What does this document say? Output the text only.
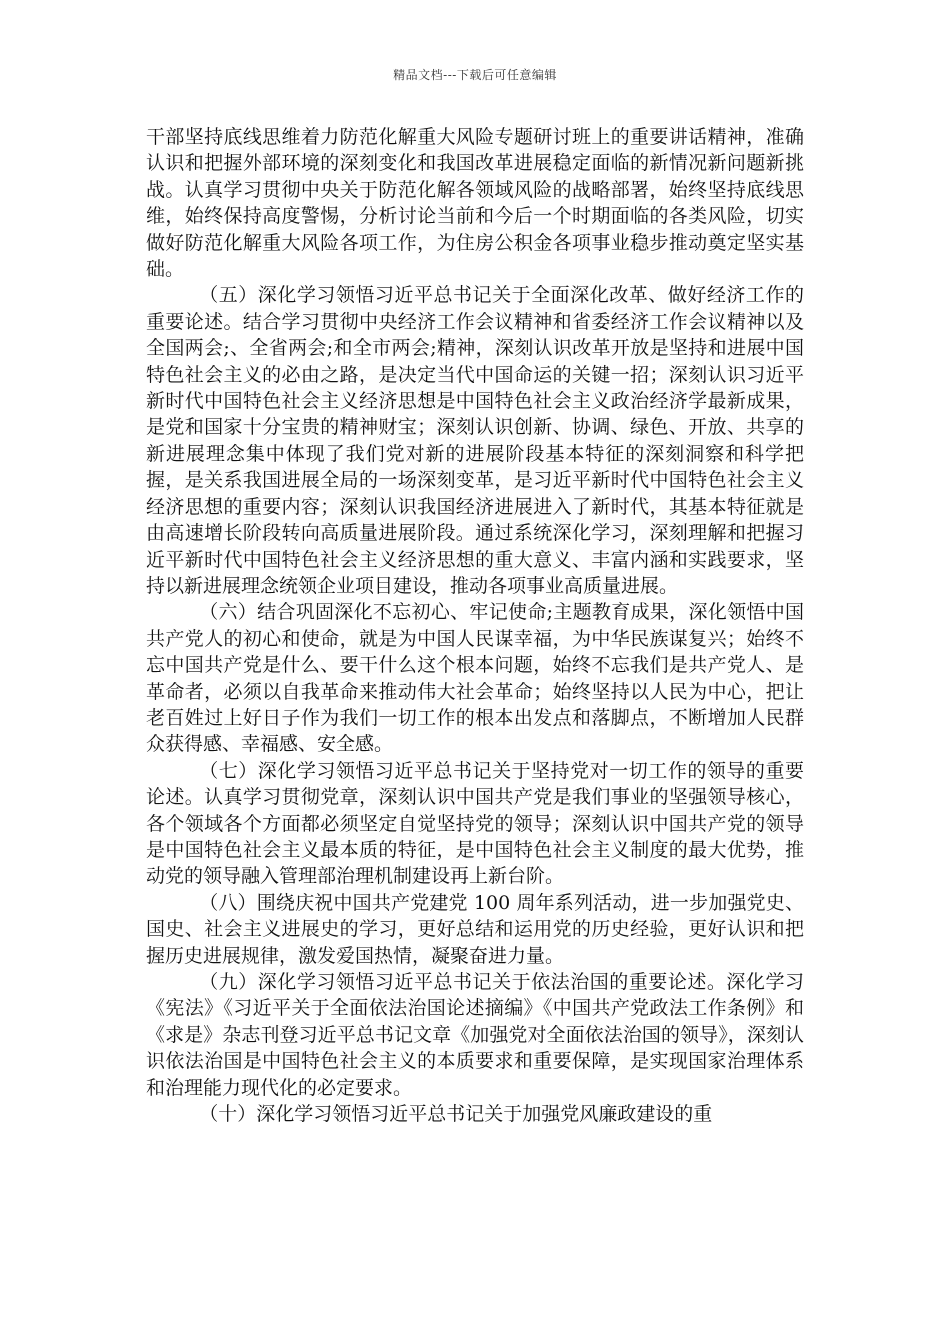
精品文档---下载后可任意编辑

干部坚持底线思维着力防范化解重大风险专题研讨班上的重要讲话精神，准确认识和把握外部环境的深刻变化和我国改革进展稳定面临的新情况新问题新挑战。认真学习贯彻中央关于防范化解各领域风险的战略部署，始终坚持底线思维，始终保持高度警惕，分析讨论当前和今后一个时期面临的各类风险，切实做好防范化解重大风险各项工作，为住房公积金各项事业稳步推动奠定坚实基础。

（五）深化学习领悟习近平总书记关于全面深化改革、做好经济工作的重要论述。结合学习贯彻中央经济工作会议精神和省委经济工作会议精神以及全国两会;、全省两会;和全市两会;精神，深刻认识改革开放是坚持和进展中国特色社会主义的必由之路，是决定当代中国命运的关键一招；深刻认识习近平新时代中国特色社会主义经济思想是中国特色社会主义政治经济学最新成果，是党和国家十分宝贵的精神财宝；深刻认识创新、协调、绿色、开放、共享的新进展理念集中体现了我们党对新的进展阶段基本特征的深刻洞察和科学把握，是关系我国进展全局的一场深刻变革，是习近平新时代中国特色社会主义经济思想的重要内容；深刻认识我国经济进展进入了新时代，其基本特征就是由高速增长阶段转向高质量进展阶段。通过系统深化学习，深刻理解和把握习近平新时代中国特色社会主义经济思想的重大意义、丰富内涵和实践要求，坚持以新进展理念统领企业项目建设，推动各项事业高质量进展。

（六）结合巩固深化不忘初心、牢记使命;主题教育成果，深化领悟中国共产党人的初心和使命，就是为中国人民谋幸福，为中华民族谋复兴；始终不忘中国共产党是什么、要干什么这个根本问题，始终不忘我们是共产党人、是革命者，必须以自我革命来推动伟大社会革命；始终坚持以人民为中心，把让老百姓过上好日子作为我们一切工作的根本出发点和落脚点，不断增加人民群众获得感、幸福感、安全感。

（七）深化学习领悟习近平总书记关于坚持党对一切工作的领导的重要论述。认真学习贯彻党章，深刻认识中国共产党是我们事业的坚强领导核心，各个领域各个方面都必须坚定自觉坚持党的领导；深刻认识中国共产党的领导是中国特色社会主义最本质的特征，是中国特色社会主义制度的最大优势，推动党的领导融入管理部治理机制建设再上新台阶。

（八）围绕庆祝中国共产党建党 100 周年系列活动，进一步加强党史、国史、社会主义进展史的学习，更好总结和运用党的历史经验，更好认识和把握历史进展规律，激发爱国热情，凝聚奋进力量。

（九）深化学习领悟习近平总书记关于依法治国的重要论述。深化学习《宪法》《习近平关于全面依法治国论述摘编》《中国共产党政法工作条例》和《求是》杂志刊登习近平总书记文章《加强党对全面依法治国的领导》，深刻认识依法治国是中国特色社会主义的本质要求和重要保障，是实现国家治理体系和治理能力现代化的必定要求。

（十）深化学习领悟习近平总书记关于加强党风廉政建设的重
